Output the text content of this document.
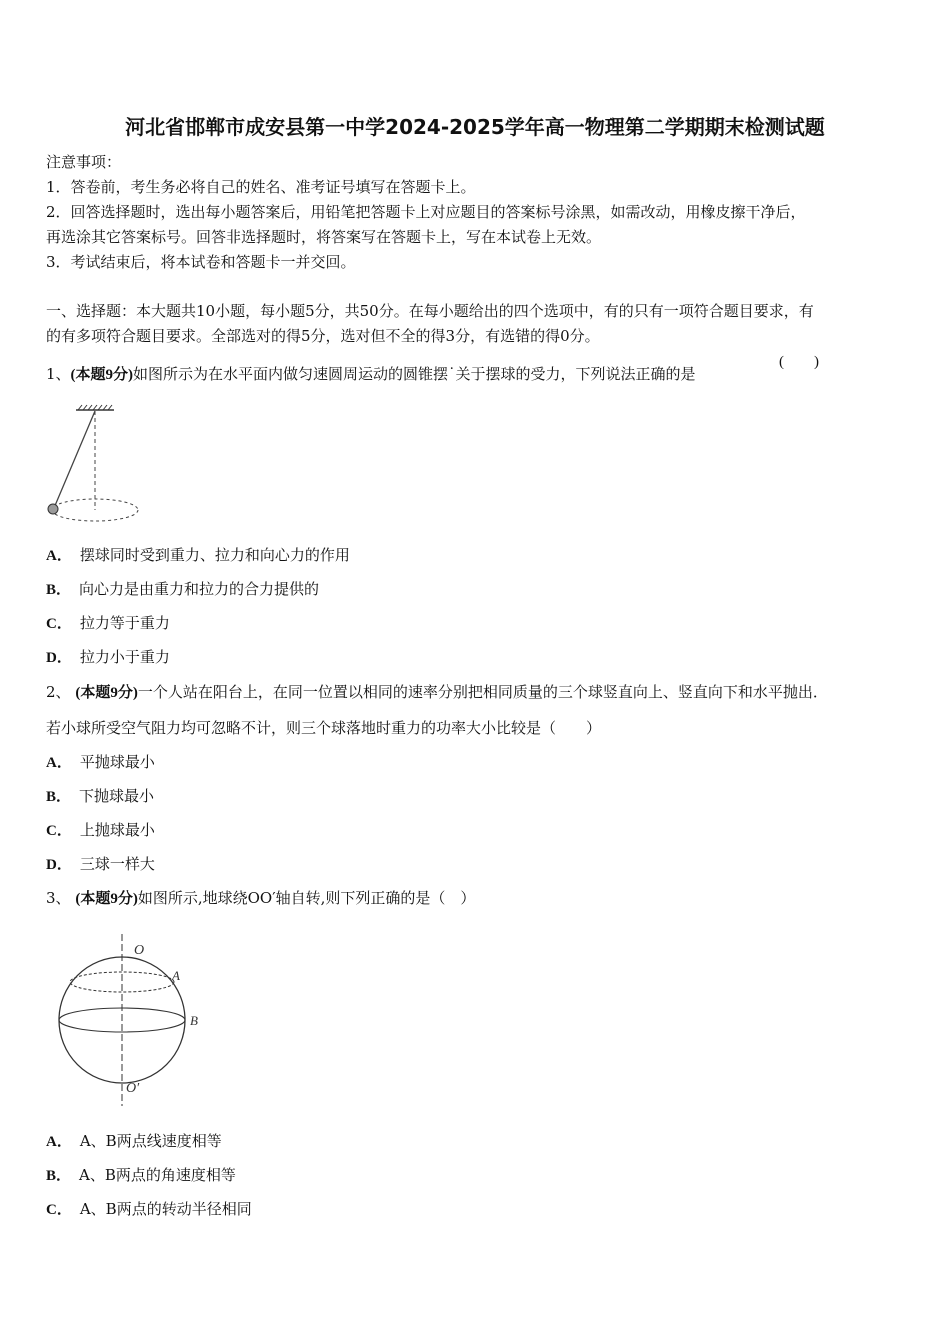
河北省邯郸市成安县第一中学2024-2025学年高一物理第二学期期末检测试题
注意事项：
1．答卷前，考生务必将自己的姓名、准考证号填写在答题卡上。
2．回答选择题时，选出每小题答案后，用铅笔把答题卡上对应题目的答案标号涂黑，如需改动，用橡皮擦干净后，
再选涂其它答案标号。回答非选择题时，将答案写在答题卡上，写在本试卷上无效。
3．考试结束后，将本试卷和答题卡一并交回。
一、选择题：本大题共10小题，每小题5分，共50分。在每小题给出的四个选项中，有的只有一项符合题目要求，有
的有多项符合题目要求。全部选对的得5分，选对但不全的得3分，有选错的得0分。
1、(本题9分)如图所示为在水平面内做匀速圆周运动的圆锥摆˙关于摆球的受力，下列说法正确的是
(　　)
A． 摆球同时受到重力、拉力和向心力的作用
B． 向心力是由重力和拉力的合力提供的
C． 拉力等于重力
D． 拉力小于重力
2、 (本题9分)一个人站在阳台上，在同一位置以相同的速率分别把相同质量的三个球竖直向上、竖直向下和水平抛出．
若小球所受空气阻力均可忽略不计，则三个球落地时重力的功率大小比较是（　　）
A． 平抛球最小
B． 下抛球最小
C． 上抛球最小
D． 三球一样大
3、 (本题9分)如图所示,地球绕OO′轴自转,则下列正确的是（　）
O
A
B
O′
A． A、B两点线速度相等
B． A、B两点的角速度相等
C． A、B两点的转动半径相同
